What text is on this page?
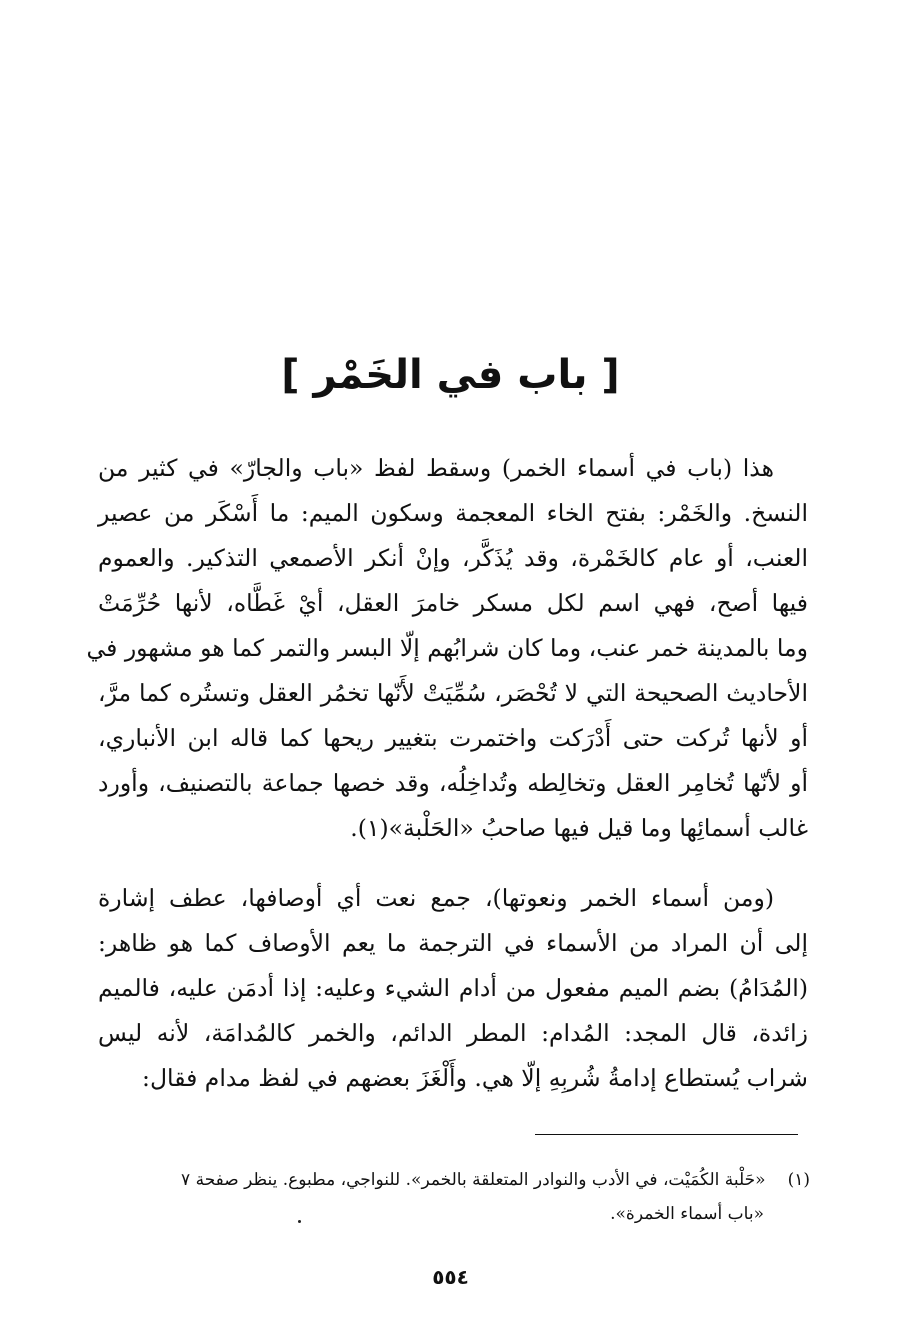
[ باب في الخَمْر ]
هذا (باب في أسماء الخمر) وسقط لفظ «باب والجارّ» في كثير من
النسخ. والخَمْر: بفتح الخاء المعجمة وسكون الميم: ما أَسْكَر من عصير
العنب، أو عام كالخَمْرة، وقد يُذَكَّر، وإنْ أنكر الأصمعي التذكير. والعموم
فيها أصح، فهي اسم لكل مسكر خامرَ العقل، أيْ غَطَّاه، لأنها حُرِّمَتْ
وما بالمدينة خمر عنب، وما كان شرابُهم إلّا البسر والتمر كما هو مشهور في
الأحاديث الصحيحة التي لا تُحْصَر، سُمِّيَتْ لأَنّها تخمُر العقل وتستُره كما مرَّ،
أو لأنها تُركت حتى أَدْرَكت واختمرت بتغيير ريحها كما قاله ابن الأنباري،
أو لأنّها تُخامِر العقل وتخالِطه وتُداخِلُه، وقد خصها جماعة بالتصنيف، وأورد
غالب أسمائِها وما قيل فيها صاحبُ «الحَلْبة»(١).
(ومن أسماء الخمر ونعوتها)، جمع نعت أي أوصافها، عطف إشارة
إلى أن المراد من الأسماء في الترجمة ما يعم الأوصاف كما هو ظاهر:
(المُدَامُ) بضم الميم مفعول من أدام الشيء وعليه: إذا أدمَن عليه، فالميم
زائدة، قال المجد: المُدام: المطر الدائم، والخمر كالمُدامَة، لأنه ليس
شراب يُستطاع إدامةُ شُربِهِ إلّا هي. وأَلْغَزَ بعضهم في لفظ مدام فقال:
(١)«حَلْبة الكُمَيْت، في الأدب والنوادر المتعلقة بالخمر». للنواجي، مطبوع. ينظر صفحة ٧
«باب أسماء الخمرة».
٥٥٤
